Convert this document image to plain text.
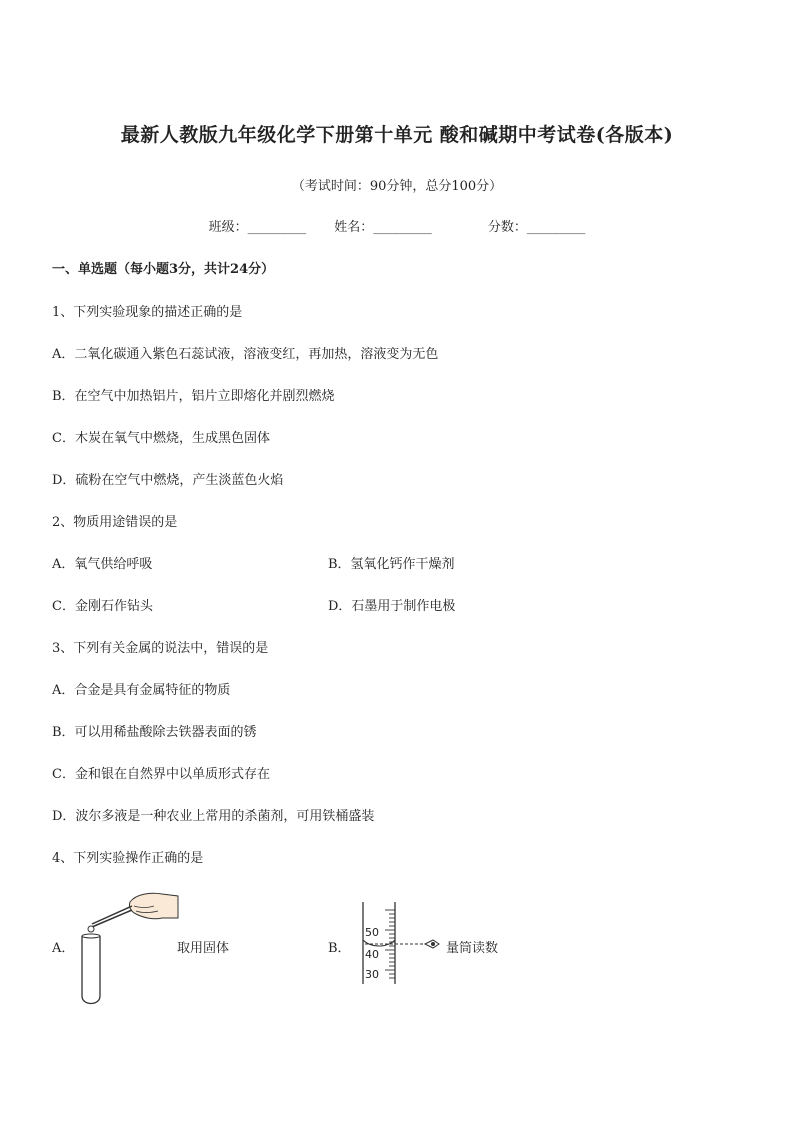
最新人教版九年级化学下册第十单元 酸和碱期中考试卷(各版本)
（考试时间：90分钟，总分100分）
班级：_________ 姓名：_________	分数：_________
一、单选题（每小题3分，共计24分）
1、下列实验现象的描述正确的是
A．二氧化碳通入紫色石蕊试液，溶液变红，再加热，溶液变为无色
B．在空气中加热铝片，铝片立即熔化并剧烈燃烧
C．木炭在氧气中燃烧，生成黑色固体
D．硫粉在空气中燃烧，产生淡蓝色火焰
2、物质用途错误的是
A．氧气供给呼吸	B．氢氧化钙作干燥剂
C．金刚石作钻头	D．石墨用于制作电极
3、下列有关金属的说法中，错误的是
A．合金是具有金属特征的物质
B．可以用稀盐酸除去铁器表面的锈
C．金和银在自然界中以单质形式存在
D．波尔多液是一种农业上常用的杀菌剂，可用铁桶盛装
4、下列实验操作正确的是
A．	取用固体	B．
50
40
30
量筒读数
